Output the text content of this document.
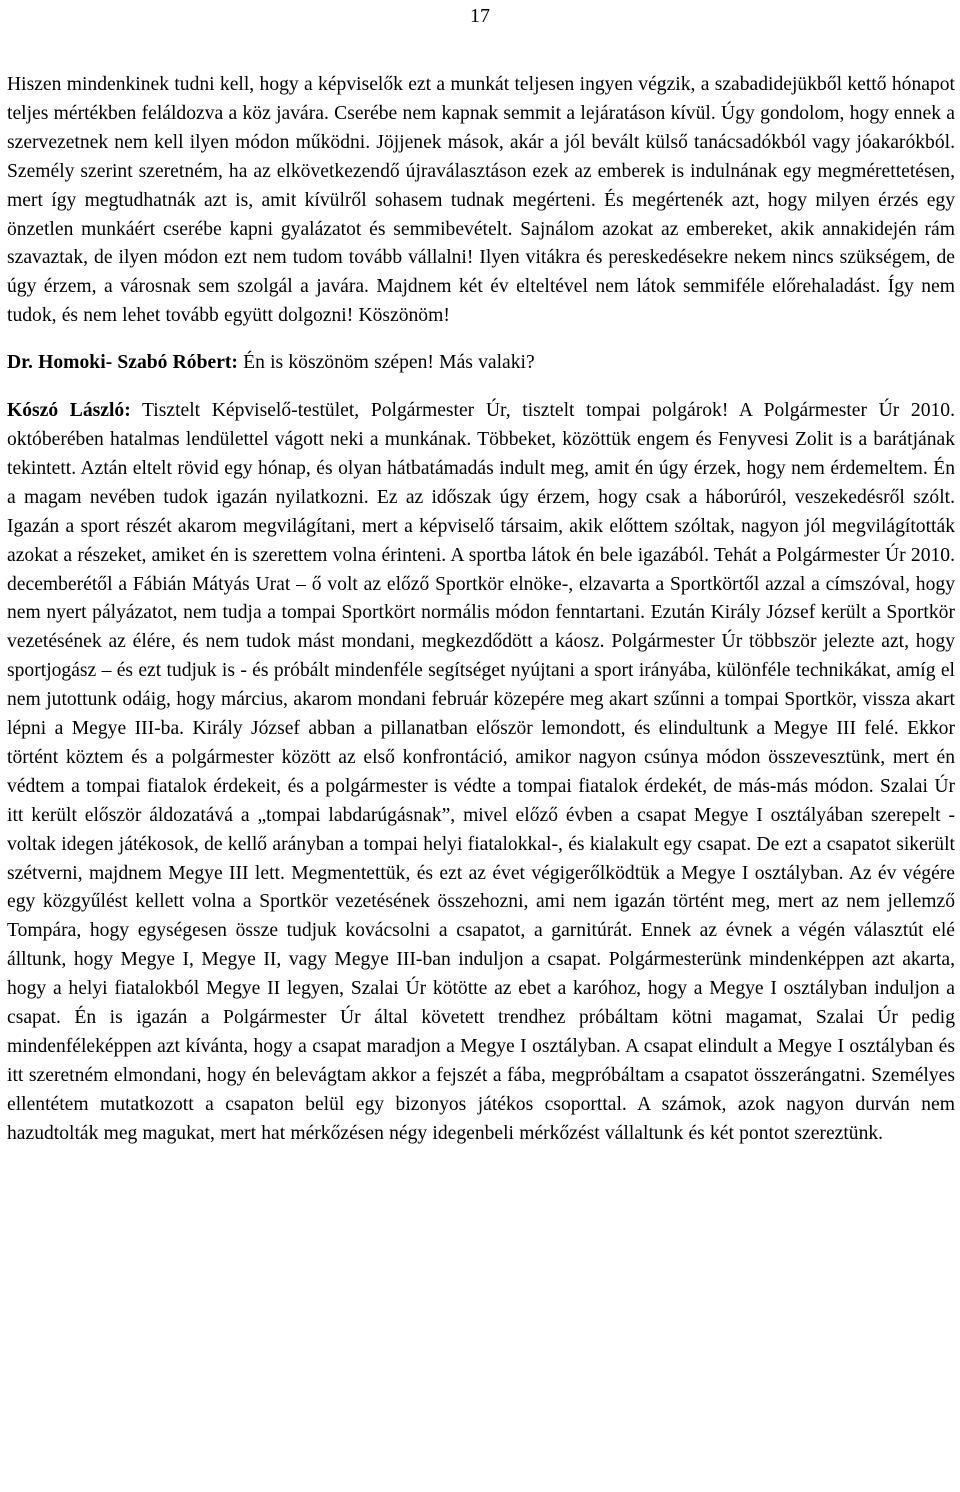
17

Hiszen mindenkinek tudni kell, hogy a képviselők ezt a munkát teljesen ingyen végzik, a szabadidejükből kettő hónapot teljes mértékben feláldozva a köz javára. Cserébe nem kapnak semmit a lejáratáson kívül. Úgy gondolom, hogy ennek a szervezetnek nem kell ilyen módon működni. Jöjjenek mások, akár a jól bevált külső tanácsadókból vagy jóakarókból. Személy szerint szeretném, ha az elkövetkezendő újraválasztáson ezek az emberek is indulnának egy megmérettetésen, mert így megtudhatnák azt is, amit kívülről sohasem tudnak megérteni. És megértenék azt, hogy milyen érzés egy önzetlen munkáért cserébe kapni gyalázatot és semmibevételt. Sajnálom azokat az embereket, akik annakidején rám szavaztak, de ilyen módon ezt nem tudom tovább vállalni! Ilyen vitákra és pereskedésekre nekem nincs szükségem, de úgy érzem, a városnak sem szolgál a javára. Majdnem két év elteltével nem látok semmiféle előrehaladást. Így nem tudok, és nem lehet tovább együtt dolgozni! Köszönöm!

Dr. Homoki- Szabó Róbert: Én is köszönöm szépen! Más valaki?

Kószó László: Tisztelt Képviselő-testület, Polgármester Úr, tisztelt tompai polgárok! A Polgármester Úr 2010. októberében hatalmas lendülettel vágott neki a munkának. Többeket, közöttük engem és Fenyvesi Zolit is a barátjának tekintett. Aztán eltelt rövid egy hónap, és olyan hátbatámadás indult meg, amit én úgy érzek, hogy nem érdemeltem. Én a magam nevében tudok igazán nyilatkozni. Ez az időszak úgy érzem, hogy csak a háborúról, veszekedésről szólt. Igazán a sport részét akarom megvilágítani, mert a képviselő társaim, akik előttem szóltak, nagyon jól megvilágították azokat a részeket, amiket én is szerettem volna érinteni. A sportba látok én bele igazából. Tehát a Polgármester Úr 2010. decemberétől a Fábián Mátyás Urat – ő volt az előző Sportkör elnöke-, elzavarta a Sportkörtől azzal a címszóval, hogy nem nyert pályázatot, nem tudja a tompai Sportkört normális módon fenntartani. Ezután Király József került a Sportkör vezetésének az élére, és nem tudok mást mondani, megkezdődött a káosz. Polgármester Úr többször jelezte azt, hogy sportjogász – és ezt tudjuk is - és próbált mindenféle segítséget nyújtani a sport irányába, különféle technikákat, amíg el nem jutottunk odáig, hogy március, akarom mondani február közepére meg akart szűnni a tompai Sportkör, vissza akart lépni a Megye III-ba. Király József abban a pillanatban először lemondott, és elindultunk a Megye III felé. Ekkor történt köztem és a polgármester között az első konfrontáció, amikor nagyon csúnya módon összevesztünk, mert én védtem a tompai fiatalok érdekeit, és a polgármester is védte a tompai fiatalok érdekét, de más-más módon. Szalai Úr itt került először áldozatává a „tompai labdarúgásnak”, mivel előző évben a csapat Megye I osztályában szerepelt - voltak idegen játékosok, de kellő arányban a tompai helyi fiatalokkal-, és kialakult egy csapat. De ezt a csapatot sikerült szétverni, majdnem Megye III lett. Megmentettük, és ezt az évet végigerőlködtük a Megye I osztályban. Az év végére egy közgyűlést kellett volna a Sportkör vezetésének összehozni, ami nem igazán történt meg, mert az nem jellemző Tompára, hogy egységesen össze tudjuk kovácsolni a csapatot, a garnitúrát. Ennek az évnek a végén választút elé álltunk, hogy Megye I, Megye II, vagy Megye III-ban induljon a csapat. Polgármesterünk mindenképpen azt akarta, hogy a helyi fiatalokból Megye II legyen, Szalai Úr kötötte az ebet a karóhoz, hogy a Megye I osztályban induljon a csapat. Én is igazán a Polgármester Úr által követett trendhez próbáltam kötni magamat, Szalai Úr pedig mindenféleképpen azt kívánta, hogy a csapat maradjon a Megye I osztályban. A csapat elindult a Megye I osztályban és itt szeretném elmondani, hogy én belevágtam akkor a fejszét a fába, megpróbáltam a csapatot összerángatni. Személyes ellentétem mutatkozott a csapaton belül egy bizonyos játékos csoporttal. A számok, azok nagyon durván nem hazudtolták meg magukat, mert hat mérkőzésen négy idegenbeli mérkőzést vállaltunk és két pontot szereztünk.
